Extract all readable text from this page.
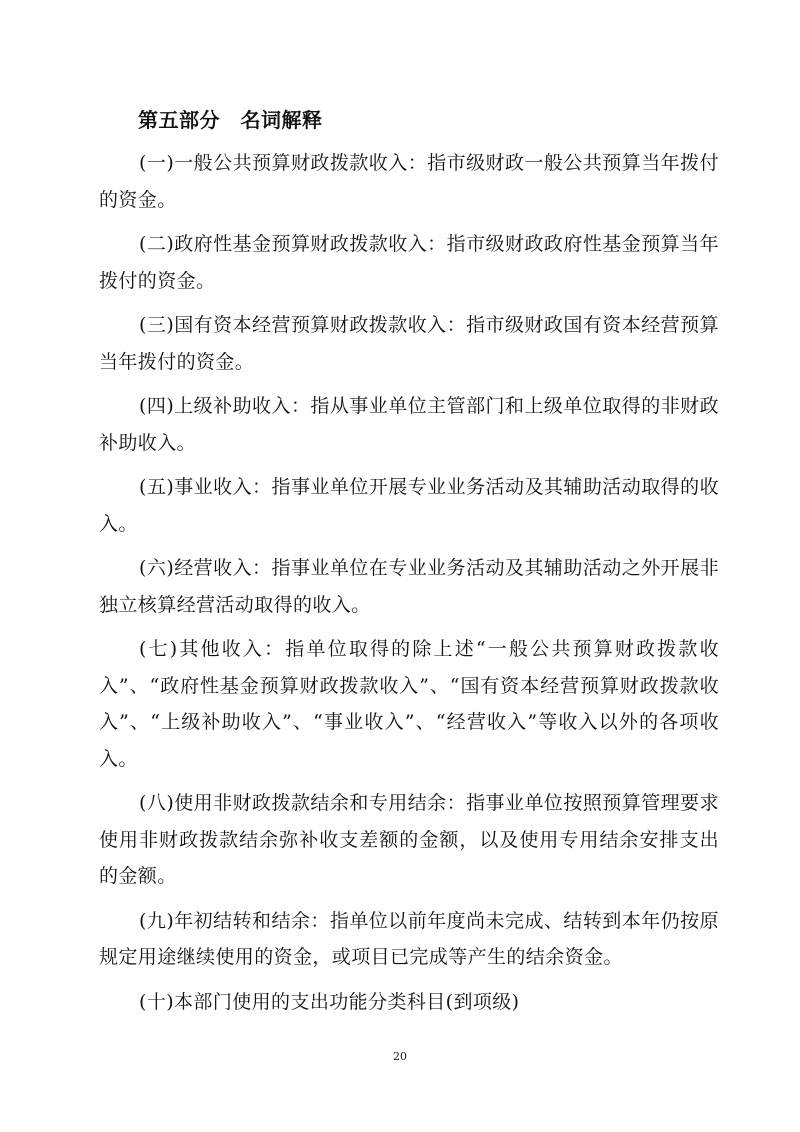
第五部分　名词解释

(一)一般公共预算财政拨款收入：指市级财政一般公共预算当年拨付的资金。

(二)政府性基金预算财政拨款收入：指市级财政政府性基金预算当年拨付的资金。

(三)国有资本经营预算财政拨款收入：指市级财政国有资本经营预算当年拨付的资金。

(四)上级补助收入：指从事业单位主管部门和上级单位取得的非财政补助收入。

(五)事业收入：指事业单位开展专业业务活动及其辅助活动取得的收入。

(六)经营收入：指事业单位在专业业务活动及其辅助活动之外开展非独立核算经营活动取得的收入。

(七)其他收入：指单位取得的除上述“一般公共预算财政拨款收入”、“政府性基金预算财政拨款收入”、“国有资本经营预算财政拨款收入”、“上级补助收入”、“事业收入”、“经营收入”等收入以外的各项收入。

(八)使用非财政拨款结余和专用结余：指事业单位按照预算管理要求使用非财政拨款结余弥补收支差额的金额，以及使用专用结余安排支出的金额。

(九)年初结转和结余：指单位以前年度尚未完成、结转到本年仍按原规定用途继续使用的资金，或项目已完成等产生的结余资金。

(十)本部门使用的支出功能分类科目(到项级)

20
